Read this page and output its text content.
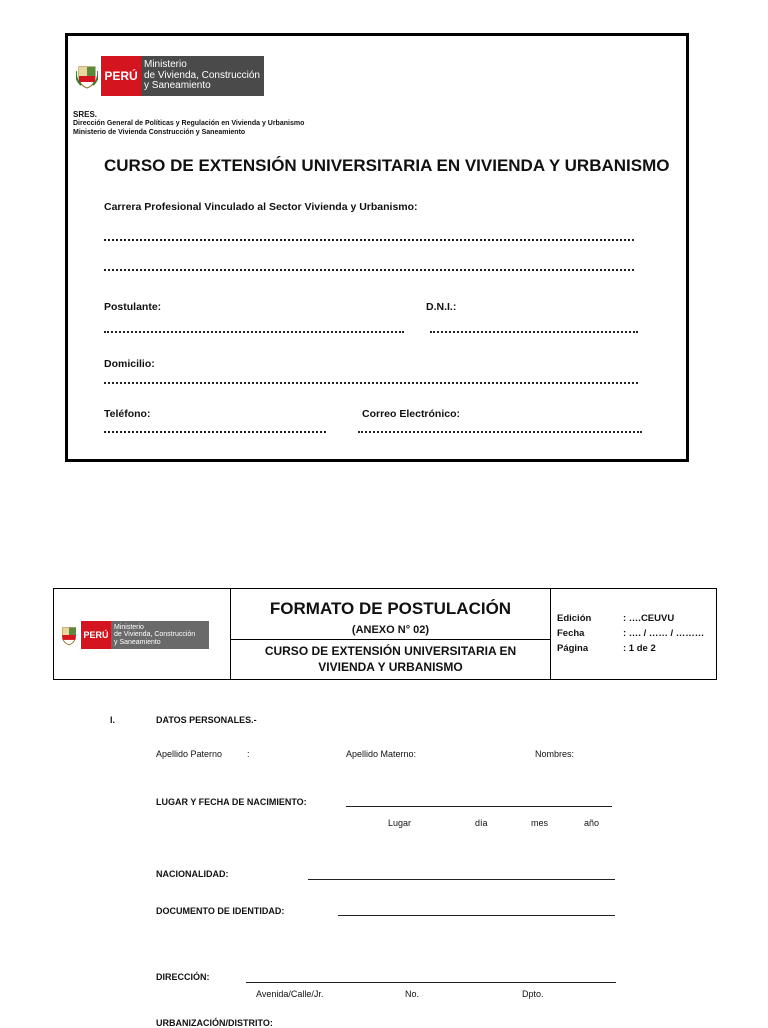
PERÚ
Ministerio
de Vivienda, Construcción
y Saneamiento
SRES.
Dirección General de Políticas y Regulación en Vivienda y Urbanismo
Ministerio de Vivienda Construcción y Saneamiento
CURSO DE EXTENSIÓN UNIVERSITARIA EN VIVIENDA Y URBANISMO
Carrera Profesional Vinculado al Sector Vivienda y Urbanismo:
Postulante:	D.N.I.:
Domicilio:
Teléfono:	Correo Electrónico:
PERÚ
Ministerio
de Vivienda, Construcción
y Saneamiento
FORMATO DE POSTULACIÓN
(ANEXO N° 02)
CURSO DE EXTENSIÓN UNIVERSITARIA EN
VIVIENDA Y URBANISMO
Edición	: ….CEUVU
Fecha	: …. / …… / ………
Página	: 1 de 2
I.	DATOS PERSONALES.-
Apellido Paterno	:	Apellido Materno:	Nombres:
LUGAR Y FECHA DE NACIMIENTO:
Lugar	día	mes	año
NACIONALIDAD:
DOCUMENTO DE IDENTIDAD:
DIRECCIÓN:
Avenida/Calle/Jr.	No.	Dpto.
URBANIZACIÓN/DISTRITO:
